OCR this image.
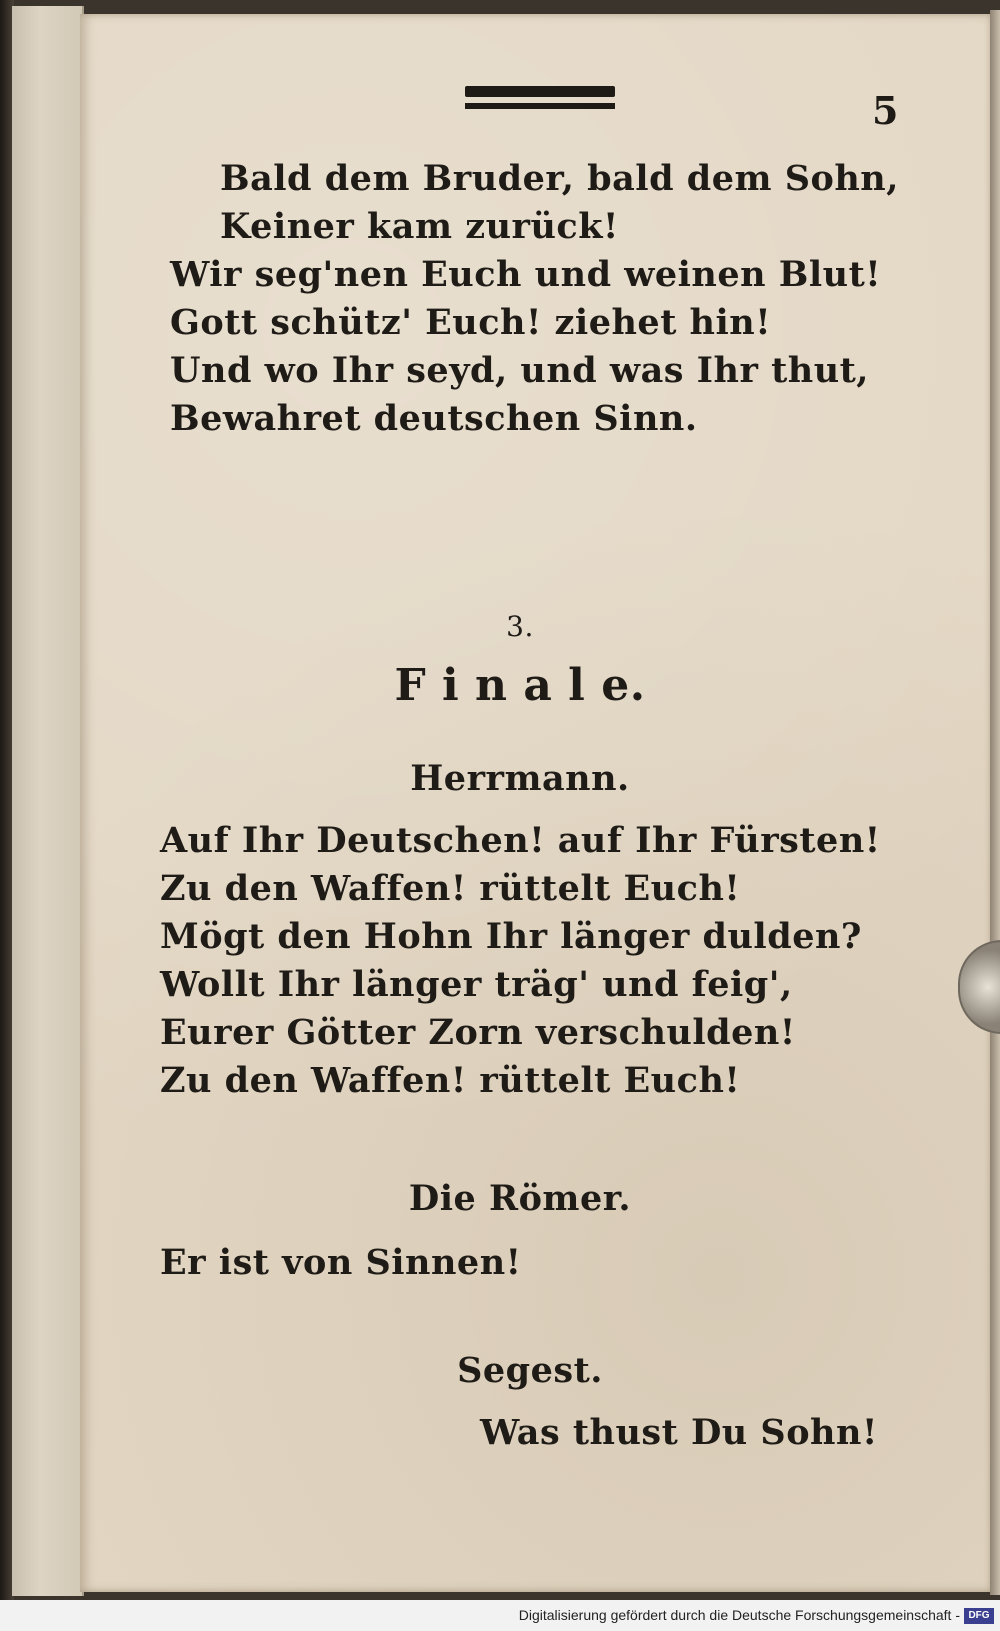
5

Bald dem Bruder, bald dem Sohn,

Keiner kam zurück!

Wir seg'nen Euch und weinen Blut!

Gott schütz' Euch! ziehet hin!

Und wo Ihr seyd, und was Ihr thut,

Bewahret deutschen Sinn.

3.

F i n a l e.

Herrmann.

Auf Ihr Deutschen! auf Ihr Fürsten!

Zu den Waffen! rüttelt Euch!

Mögt den Hohn Ihr länger dulden?

Wollt Ihr länger träg' und feig',

Eurer Götter Zorn verschulden!

Zu den Waffen! rüttelt Euch!

Die Römer.

Er ist von Sinnen!

Segest.

Was thust Du Sohn!

Digitalisierung gefördert durch die Deutsche Forschungsgemeinschaft - DFG
